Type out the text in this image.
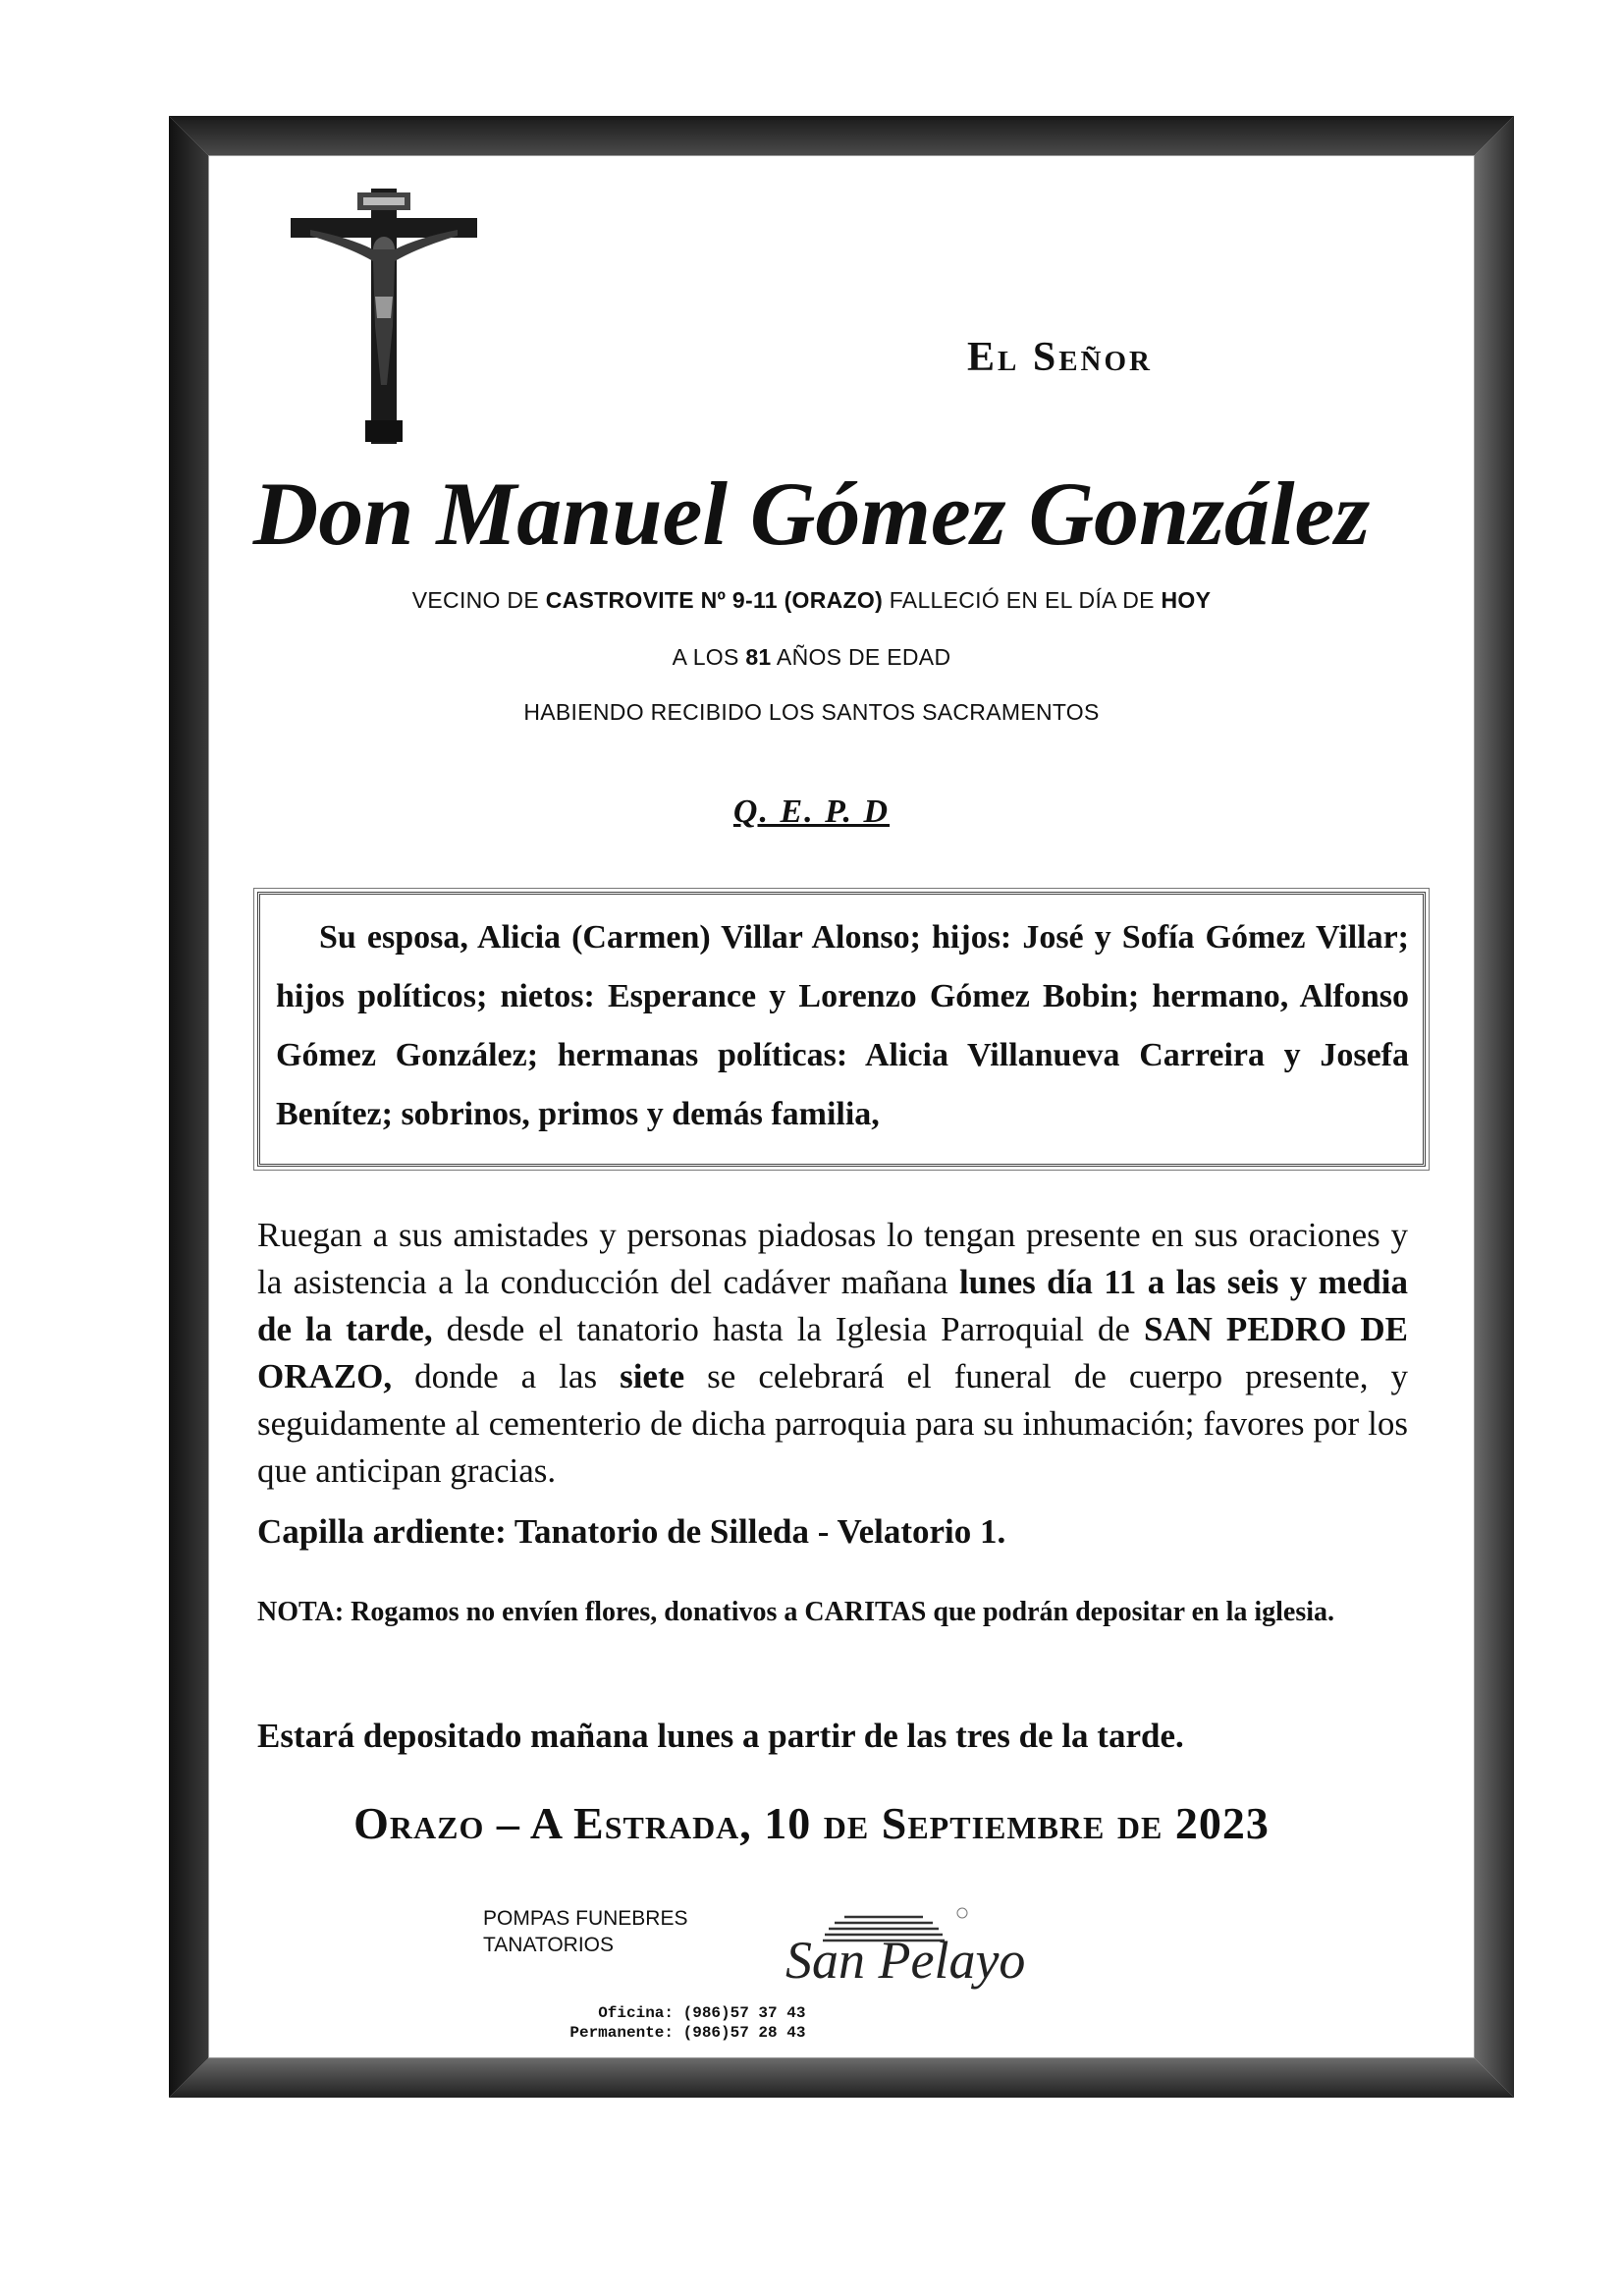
El Señor
Don Manuel Gómez González
VECINO DE CASTROVITE Nº 9-11 (ORAZO) FALLECIÓ EN EL DÍA DE HOY
A LOS 81 AÑOS DE EDAD
HABIENDO RECIBIDO LOS SANTOS SACRAMENTOS
Q. E. P. D
Su esposa, Alicia (Carmen) Villar Alonso; hijos: José y Sofía Gómez Villar; hijos políticos; nietos: Esperance y Lorenzo Gómez Bobin; hermano, Alfonso Gómez González; hermanas políticas: Alicia Villanueva Carreira y Josefa Benítez; sobrinos, primos y demás familia,
Ruegan a sus amistades y personas piadosas lo tengan presente en sus oraciones y la asistencia a la conducción del cadáver mañana lunes día 11 a las seis y media de la tarde, desde el tanatorio hasta la Iglesia Parroquial de SAN PEDRO DE ORAZO, donde a las siete se celebrará el funeral de cuerpo presente, y seguidamente al cementerio de dicha parroquia para su inhumación; favores por los que anticipan gracias.
Capilla ardiente: Tanatorio de Silleda - Velatorio 1.
NOTA: Rogamos no envíen flores, donativos a CARITAS que podrán depositar en la iglesia.
Estará depositado mañana lunes a partir de las tres de la tarde.
Orazo – A Estrada, 10 de Septiembre de 2023
POMPAS FUNEBRES
TANATORIOS	San Pelayo
Oficina: (986)57 37 43
Permanente: (986)57 28 43
